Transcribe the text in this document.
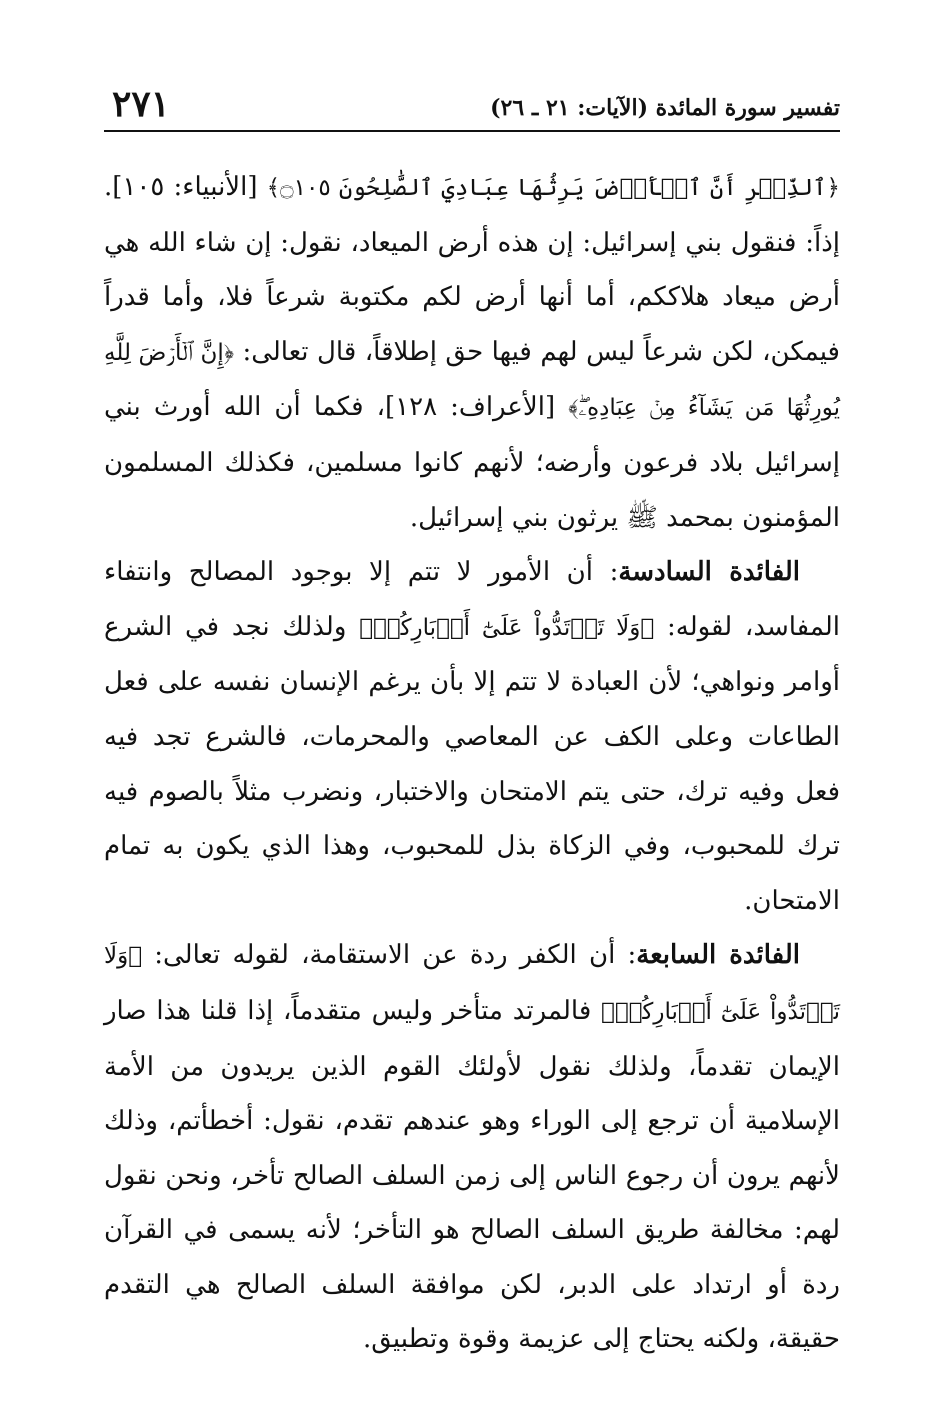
٢٧١	تفسير سورة المائدة (الآيات: ٢١ ـ ٢٦)

﴿ٱلذِّكۡرِ أَنَّ ٱلۡأَرۡضَ يَرِثُهَا عِبَادِيَ ٱلصَّٰلِحُونَ ۝١٠٥﴾ [الأنبياء: ١٠٥]. إذاً: فنقول بني إسرائيل: إن هذه أرض الميعاد، نقول: إن شاء الله هي أرض ميعاد هلاككم، أما أنها أرض لكم مكتوبة شرعاً فلا، وأما قدراً فيمكن، لكن شرعاً ليس لهم فيها حق إطلاقاً، قال تعالى: ﴿إِنَّ ٱلۡأَرۡضَ لِلَّهِ يُورِثُهَا مَن يَشَآءُ مِنۡ عِبَادِهِۦۖ﴾ [الأعراف: ١٢٨]، فكما أن الله أورث بني إسرائيل بلاد فرعون وأرضه؛ لأنهم كانوا مسلمين، فكذلك المسلمون المؤمنون بمحمد ﷺ يرثون بني إسرائيل.

الفائدة السادسة: أن الأمور لا تتم إلا بوجود المصالح وانتفاء المفاسد، لقوله: ﴿وَلَا تَرۡتَدُّواْ عَلَىٰٓ أَدۡبَارِكُمۡ﴾ ولذلك نجد في الشرع أوامر ونواهي؛ لأن العبادة لا تتم إلا بأن يرغم الإنسان نفسه على فعل الطاعات وعلى الكف عن المعاصي والمحرمات، فالشرع تجد فيه فعل وفيه ترك، حتى يتم الامتحان والاختبار، ونضرب مثلاً بالصوم فيه ترك للمحبوب، وفي الزكاة بذل للمحبوب، وهذا الذي يكون به تمام الامتحان.

الفائدة السابعة: أن الكفر ردة عن الاستقامة، لقوله تعالى: ﴿وَلَا تَرۡتَدُّواْ عَلَىٰٓ أَدۡبَارِكُمۡ﴾ فالمرتد متأخر وليس متقدماً، إذا قلنا هذا صار الإيمان تقدماً، ولذلك نقول لأولئك القوم الذين يريدون من الأمة الإسلامية أن ترجع إلى الوراء وهو عندهم تقدم، نقول: أخطأتم، وذلك لأنهم يرون أن رجوع الناس إلى زمن السلف الصالح تأخر، ونحن نقول لهم: مخالفة طريق السلف الصالح هو التأخر؛ لأنه يسمى في القرآن ردة أو ارتداد على الدبر، لكن موافقة السلف الصالح هي التقدم حقيقة، ولكنه يحتاج إلى عزيمة وقوة وتطبيق.
